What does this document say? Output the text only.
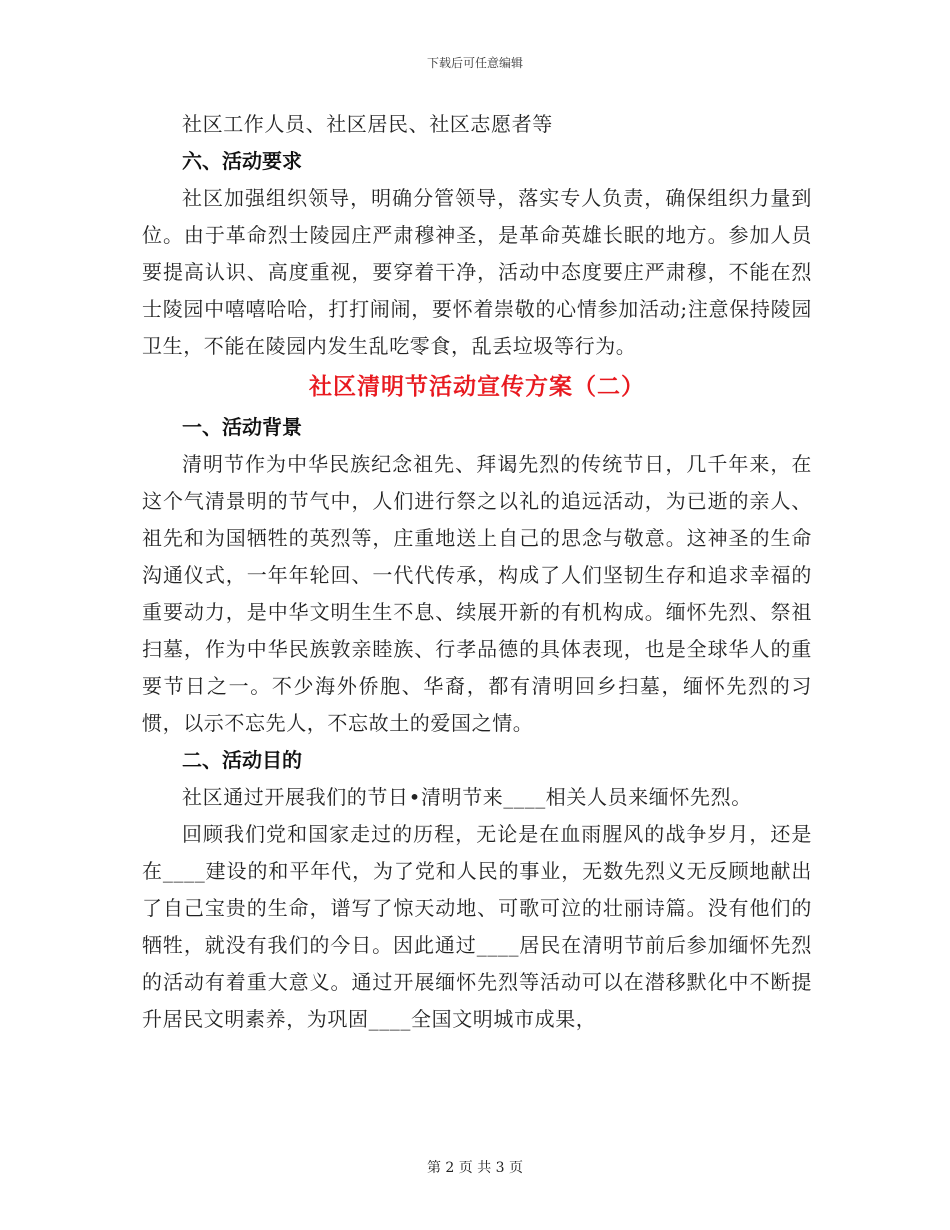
下载后可任意编辑

社区工作人员、社区居民、社区志愿者等

六、活动要求

社区加强组织领导，明确分管领导，落实专人负责，确保组织力量到位。由于革命烈士陵园庄严肃穆神圣，是革命英雄长眠的地方。参加人员要提高认识、高度重视，要穿着干净，活动中态度要庄严肃穆，不能在烈士陵园中嘻嘻哈哈，打打闹闹，要怀着崇敬的心情参加活动;注意保持陵园卫生，不能在陵园内发生乱吃零食，乱丢垃圾等行为。

社区清明节活动宣传方案（二）

一、活动背景

清明节作为中华民族纪念祖先、拜谒先烈的传统节日，几千年来，在这个气清景明的节气中，人们进行祭之以礼的追远活动，为已逝的亲人、祖先和为国牺牲的英烈等，庄重地送上自己的思念与敬意。这神圣的生命沟通仪式，一年年轮回、一代代传承，构成了人们坚韧生存和追求幸福的重要动力，是中华文明生生不息、续展开新的有机构成。缅怀先烈、祭祖扫墓，作为中华民族敦亲睦族、行孝品德的具体表现，也是全球华人的重要节日之一。不少海外侨胞、华裔，都有清明回乡扫墓，缅怀先烈的习惯，以示不忘先人，不忘故土的爱国之情。

二、活动目的

社区通过开展我们的节日•清明节来____相关人员来缅怀先烈。

回顾我们党和国家走过的历程，无论是在血雨腥风的战争岁月，还是在____建设的和平年代，为了党和人民的事业，无数先烈义无反顾地献出了自己宝贵的生命，谱写了惊天动地、可歌可泣的壮丽诗篇。没有他们的牺牲，就没有我们的今日。因此通过____居民在清明节前后参加缅怀先烈的活动有着重大意义。通过开展缅怀先烈等活动可以在潜移默化中不断提升居民文明素养，为巩固____全国文明城市成果，

第 2 页 共 3 页
